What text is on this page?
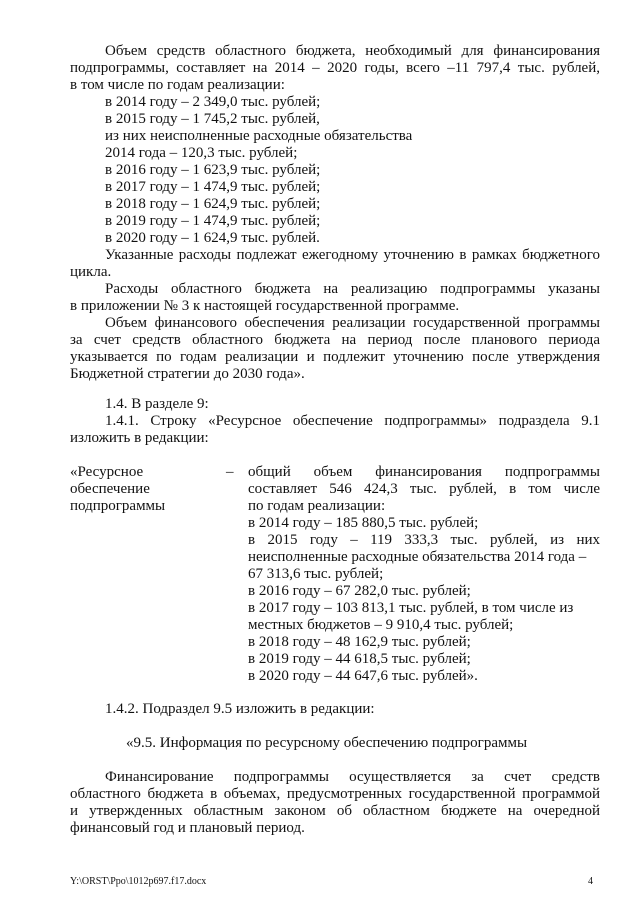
Объем средств областного бюджета, необходимый для финансирования
подпрограммы, составляет на 2014 – 2020 годы, всего –11 797,4 тыс. рублей,
в том числе по годам реализации:
в 2014 году – 2 349,0 тыс. рублей;
в 2015 году – 1 745,2 тыс. рублей,
из них неисполненные расходные обязательства
2014 года – 120,3 тыс. рублей;
в 2016 году – 1 623,9 тыс. рублей;
в 2017 году – 1 474,9 тыс. рублей;
в 2018 году – 1 624,9 тыс. рублей;
в 2019 году – 1 474,9 тыс. рублей;
в 2020 году – 1 624,9 тыс. рублей.
Указанные расходы подлежат ежегодному уточнению в рамках бюджетного
цикла.
Расходы областного бюджета на реализацию подпрограммы указаны
в приложении № 3 к настоящей государственной программе.
Объем финансового обеспечения реализации государственной программы
за счет средств областного бюджета на период после планового периода
указывается по годам реализации и подлежит уточнению после утверждения
Бюджетной стратегии до 2030 года».
1.4. В разделе 9:
1.4.1. Строку «Ресурсное обеспечение подпрограммы» подраздела 9.1
изложить в редакции:
«Ресурсное
обеспечение
подпрограммы
– общий объем финансирования подпрограммы
составляет 546 424,3 тыс. рублей, в том числе
по годам реализации:
в 2014 году – 185 880,5 тыс. рублей;
в 2015 году – 119 333,3 тыс. рублей, из них
неисполненные расходные обязательства 2014 года –
67 313,6 тыс. рублей;
в 2016 году – 67 282,0 тыс. рублей;
в 2017 году – 103 813,1 тыс. рублей, в том числе из
местных бюджетов – 9 910,4 тыс. рублей;
в 2018 году – 48 162,9 тыс. рублей;
в 2019 году – 44 618,5 тыс. рублей;
в 2020 году – 44 647,6 тыс. рублей».
1.4.2. Подраздел 9.5 изложить в редакции:
«9.5. Информация по ресурсному обеспечению подпрограммы
Финансирование подпрограммы осуществляется за счет средств
областного бюджета в объемах, предусмотренных государственной программой
и утвержденных областным законом об областном бюджете на очередной
финансовый год и плановый период.
Y:\ORST\Ppo\1012p697.f17.docx	4
